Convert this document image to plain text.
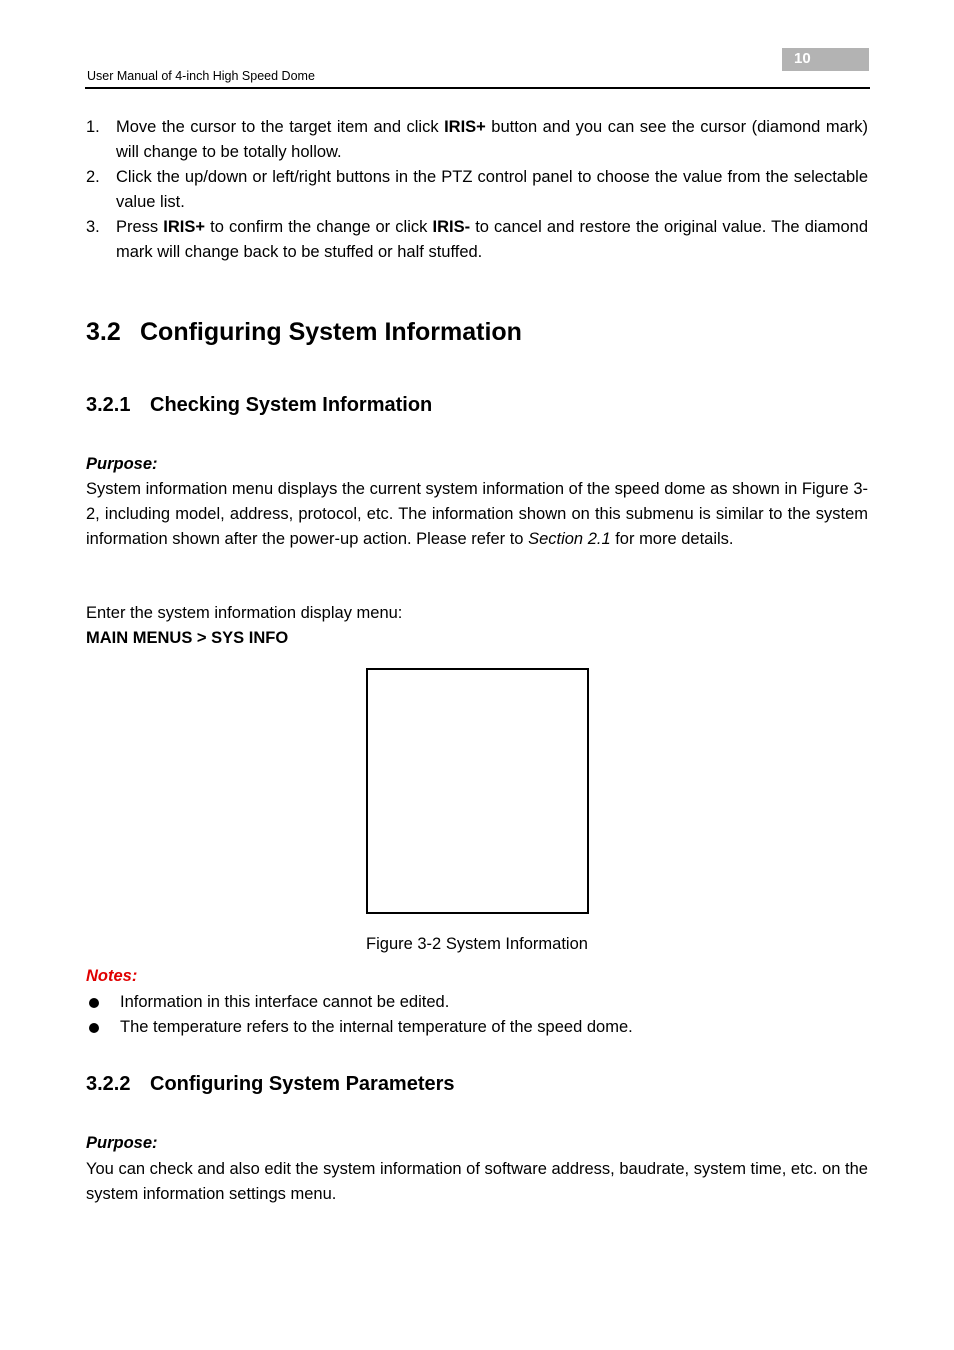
10
User Manual of 4-inch High Speed Dome
1. Move the cursor to the target item and click IRIS+ button and you can see the cursor (diamond mark) will change to be totally hollow.
2. Click the up/down or left/right buttons in the PTZ control panel to choose the value from the selectable value list.
3. Press IRIS+ to confirm the change or click IRIS- to cancel and restore the original value. The diamond mark will change back to be stuffed or half stuffed.
3.2 Configuring System Information
3.2.1 Checking System Information
Purpose:

System information menu displays the current system information of the speed dome as shown in Figure 3-2, including model, address, protocol, etc. The information shown on this submenu is similar to the system information shown after the power-up action. Please refer to Section 2.1 for more details.

Enter the system information display menu:
MAIN MENUS > SYS INFO
Figure 3-2 System Information
Notes:
Information in this interface cannot be edited.
The temperature refers to the internal temperature of the speed dome.
3.2.2 Configuring System Parameters
Purpose:

You can check and also edit the system information of software address, baudrate, system time, etc. on the system information settings menu.
